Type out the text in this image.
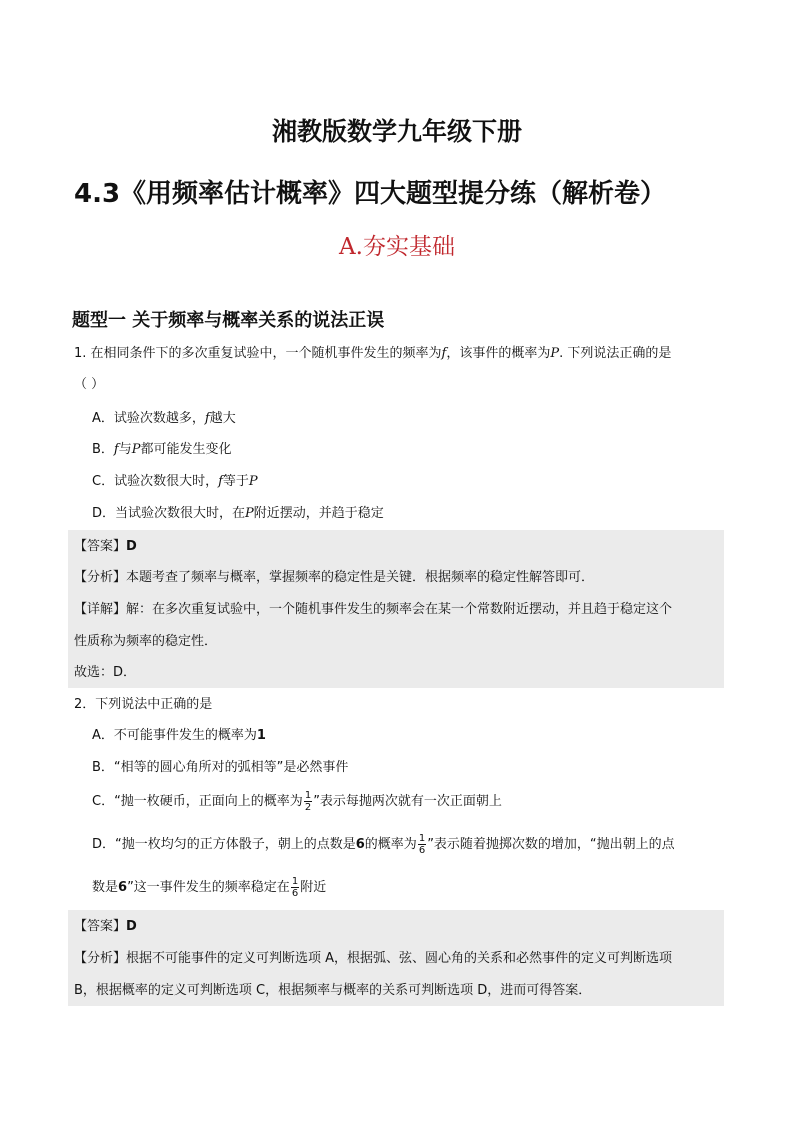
湘教版数学九年级下册
4.3《用频率估计概率》四大题型提分练（解析卷）
A.夯实基础
题型一 关于频率与概率关系的说法正误
1. 在相同条件下的多次重复试验中，一个随机事件发生的频率为f，该事件的概率为P. 下列说法正确的是
（ ）
A．试验次数越多，f越大
B．f与P都可能发生变化
C．试验次数很大时，f等于P
D．当试验次数很大时，在P附近摆动，并趋于稳定
【答案】D
【分析】本题考查了频率与概率，掌握频率的稳定性是关键．根据频率的稳定性解答即可．
【详解】解：在多次重复试验中，一个随机事件发生的频率会在某一个常数附近摆动，并且趋于稳定这个
性质称为频率的稳定性．
故选：D．
2．下列说法中正确的是
A．不可能事件发生的概率为1
B．“相等的圆心角所对的弧相等”是必然事件
C．“抛一枚硬币，正面向上的概率为 $\frac{1}{2}$ ”表示每抛两次就有一次正面朝上
D．“抛一枚均匀的正方体骰子，朝上的点数是6的概率为 $\frac{1}{6}$ ”表示随着抛掷次数的增加，“抛出朝上的点
数是6”这一事件发生的频率稳定在 $\frac{1}{6}$ 附近
【答案】D
【分析】根据不可能事件的定义可判断选项 A，根据弧、弦、圆心角的关系和必然事件的定义可判断选项
B，根据概率的定义可判断选项 C，根据频率与概率的关系可判断选项 D，进而可得答案．
